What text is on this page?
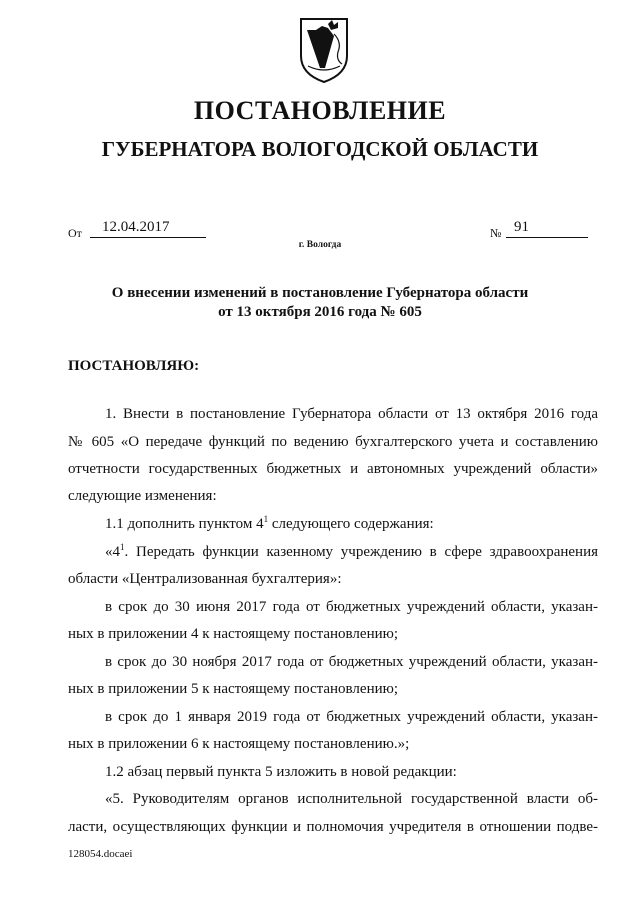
ПОСТАНОВЛЕНИЕ
ГУБЕРНАТОРА ВОЛОГОДСКОЙ ОБЛАСТИ
От	12.04.2017	№ 91
г. Вологда
О внесении изменений в постановление Губернатора области
от 13 октября 2016 года № 605
ПОСТАНОВЛЯЮ:
1. Внести в постановление Губернатора области от 13 октября 2016 года
№ 605 «О передаче функций по ведению бухгалтерского учета и составлению
отчетности государственных бюджетных и автономных учреждений области»
следующие изменения:
1.1 дополнить пунктом $4^1$ следующего содержания:
«$4^1$. Передать функции казенному учреждению в сфере здравоохранения
области «Централизованная бухгалтерия»:
в срок до 30 июня 2017 года от бюджетных учреждений области, указан-
ных в приложении 4 к настоящему постановлению;
в срок до 30 ноября 2017 года от бюджетных учреждений области, указан-
ных в приложении 5 к настоящему постановлению;
в срок до 1 января 2019 года от бюджетных учреждений области, указан-
ных в приложении 6 к настоящему постановлению.»;
1.2 абзац первый пункта 5 изложить в новой редакции:
«5. Руководителям органов исполнительной государственной власти об-
ласти, осуществляющих функции и полномочия учредителя в отношении подве-
128054.docaei
